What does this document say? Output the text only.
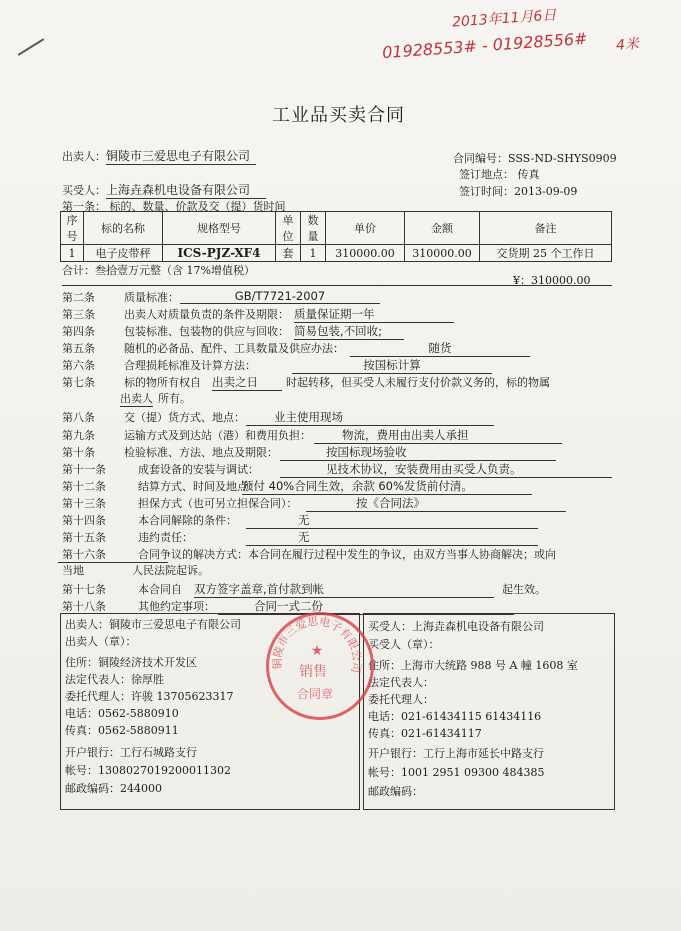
2013年11月6日
01928553# - 01928556# 4米
工业品买卖合同
出卖人：铜陵市三爱思电子有限公司	合同编号：SSS-ND-SHYS0909
签订地点： 传真
买受人：上海垚森机电设备有限公司	签订时间：2013-09-09
第一条： 标的、数量、价款及交（提）货时间
序号	标的名称	规格型号	单位	数量	单价	金额	备注
1	电子皮带秤	ICS-PJZ-XF4	套	1	310000.00	310000.00	交货期 25 个工作日
合计：叁拾壹万元整（含 17%增值税）
¥：310000.00
第二条	质量标准：	GB/T7721-2007
第三条	出卖人对质量负责的条件及期限： 质量保证期一年
第四条	包装标准、包装物的供应与回收： 简易包装,不回收;
第五条	随机的必备品、配件、工具数量及供应办法：	随货
第六条	合理损耗标准及计算方法：	按国标计算
第七条	标的物所有权自 出卖之日	时起转移，但买受人未履行支付价款义务的，标的物属
出卖人 所有。
第八条	交（提）货方式、地点：	业主使用现场
第九条	运输方式及到达站（港）和费用负担：	物流，费用由出卖人承担
第十条	检验标准、方法、地点及期限：	按国标现场验收
第十一条	成套设备的安装与调试：	见技术协议，安装费用由买受人负责。
第十二条	结算方式、时间及地点：
预付 40%合同生效，余款 60%发货前付清。
第十三条	担保方式（也可另立担保合同）：	按《合同法》
第十四条	本合同解除的条件：	无
第十五条	违约责任：	无
第十六条	合同争议的解决方式：本合同在履行过程中发生的争议，由双方当事人协商解决；或向
当地	人民法院起诉。
第十七条	本合同自 双方签字盖章,首付款到帐	起生效。
第十八条	其他约定事项：	合同一式二份
出卖人：铜陵市三爱思电子有限公司
出卖人（章）：
住所：铜陵经济技术开发区
法定代表人：徐厚胜
委托代理人：许骏 13705623317
电话：0562-5880910
传真：0562-5880911
开户银行：工行石城路支行
帐号：1308027019200011302
邮政编码：244000
买受人：上海垚森机电设备有限公司
买受人（章）：
住所：上海市大统路 988 号 A 幢 1608 室
法定代表人：
委托代理人：
电话：021-61434115 61434116
传真：021-61434117
开户银行：工行上海市延长中路支行
帐号：1001 2951 09300 484385
邮政编码：
铜陵市三爱思电子有限公司
★
销售
合同章
